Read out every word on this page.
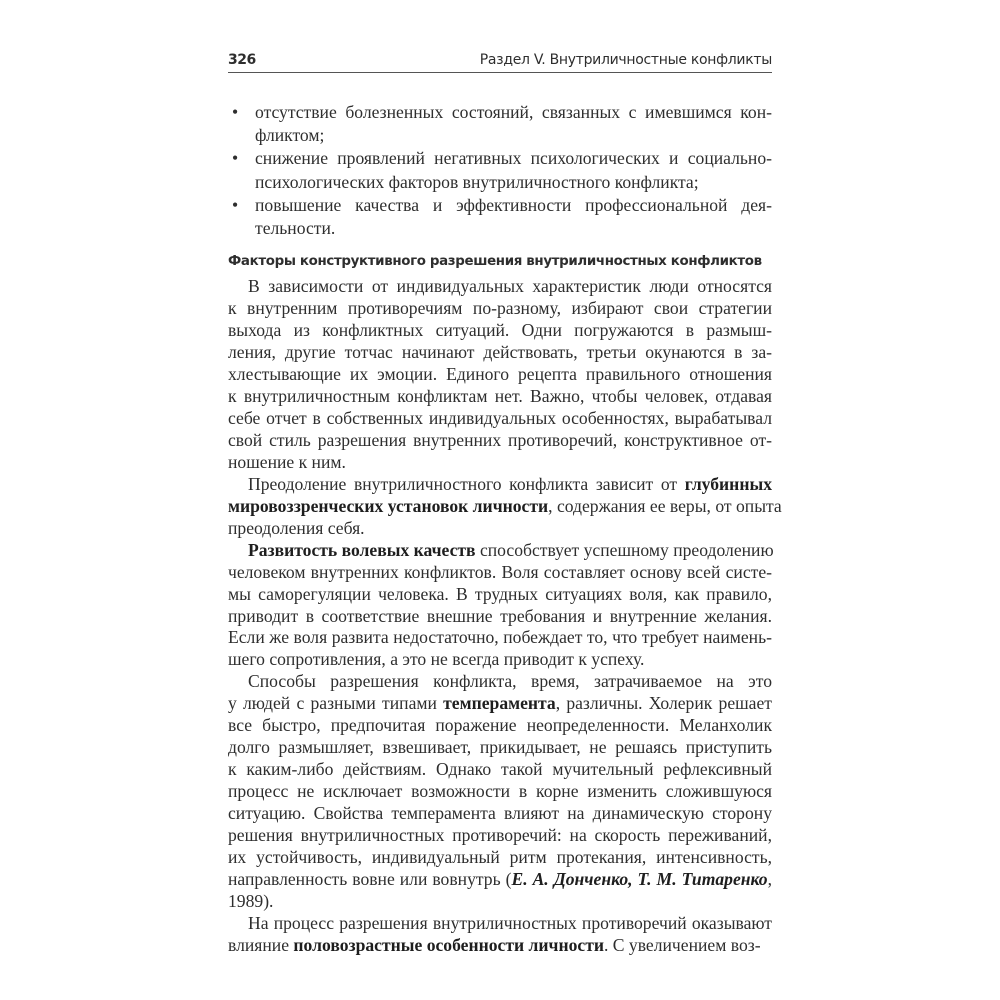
326	Раздел V. Внутриличностные конфликты
• отсутствие болезненных состояний, связанных с имевшимся кон-
фликтом;
• снижение проявлений негативных психологических и социально-
психологических факторов внутриличностного конфликта;
• повышение качества и эффективности профессиональной дея-
тельности.
Факторы конструктивного разрешения внутриличностных конфликтов
В зависимости от индивидуальных характеристик люди относятся
к внутренним противоречиям по-разному, избирают свои стратегии
выхода из конфликтных ситуаций. Одни погружаются в размыш-
ления, другие тотчас начинают действовать, третьи окунаются в за-
хлестывающие их эмоции. Единого рецепта правильного отношения
к внутриличностным конфликтам нет. Важно, чтобы человек, отдавая
себе отчет в собственных индивидуальных особенностях, вырабатывал
свой стиль разрешения внутренних противоречий, конструктивное от-
ношение к ним.
Преодоление внутриличностного конфликта зависит от глубинных
мировоззренческих установок личности, содержания ее веры, от опыта
преодоления себя.
Развитость волевых качеств способствует успешному преодолению
человеком внутренних конфликтов. Воля составляет основу всей систе-
мы саморегуляции человека. В трудных ситуациях воля, как правило,
приводит в соответствие внешние требования и внутренние желания.
Если же воля развита недостаточно, побеждает то, что требует наимень-
шего сопротивления, а это не всегда приводит к успеху.
Способы разрешения конфликта, время, затрачиваемое на это
у людей с разными типами темперамента, различны. Холерик решает
все быстро, предпочитая поражение неопределенности. Меланхолик
долго размышляет, взвешивает, прикидывает, не решаясь приступить
к каким-либо действиям. Однако такой мучительный рефлексивный
процесс не исключает возможности в корне изменить сложившуюся
ситуацию. Свойства темперамента влияют на динамическую сторону
решения внутриличностных противоречий: на скорость переживаний,
их устойчивость, индивидуальный ритм протекания, интенсивность,
направленность вовне или вовнутрь (Е. А. Донченко, Т. М. Титаренко,
1989).
На процесс разрешения внутриличностных противоречий оказывают
влияние половозрастные особенности личности. С увеличением воз-
